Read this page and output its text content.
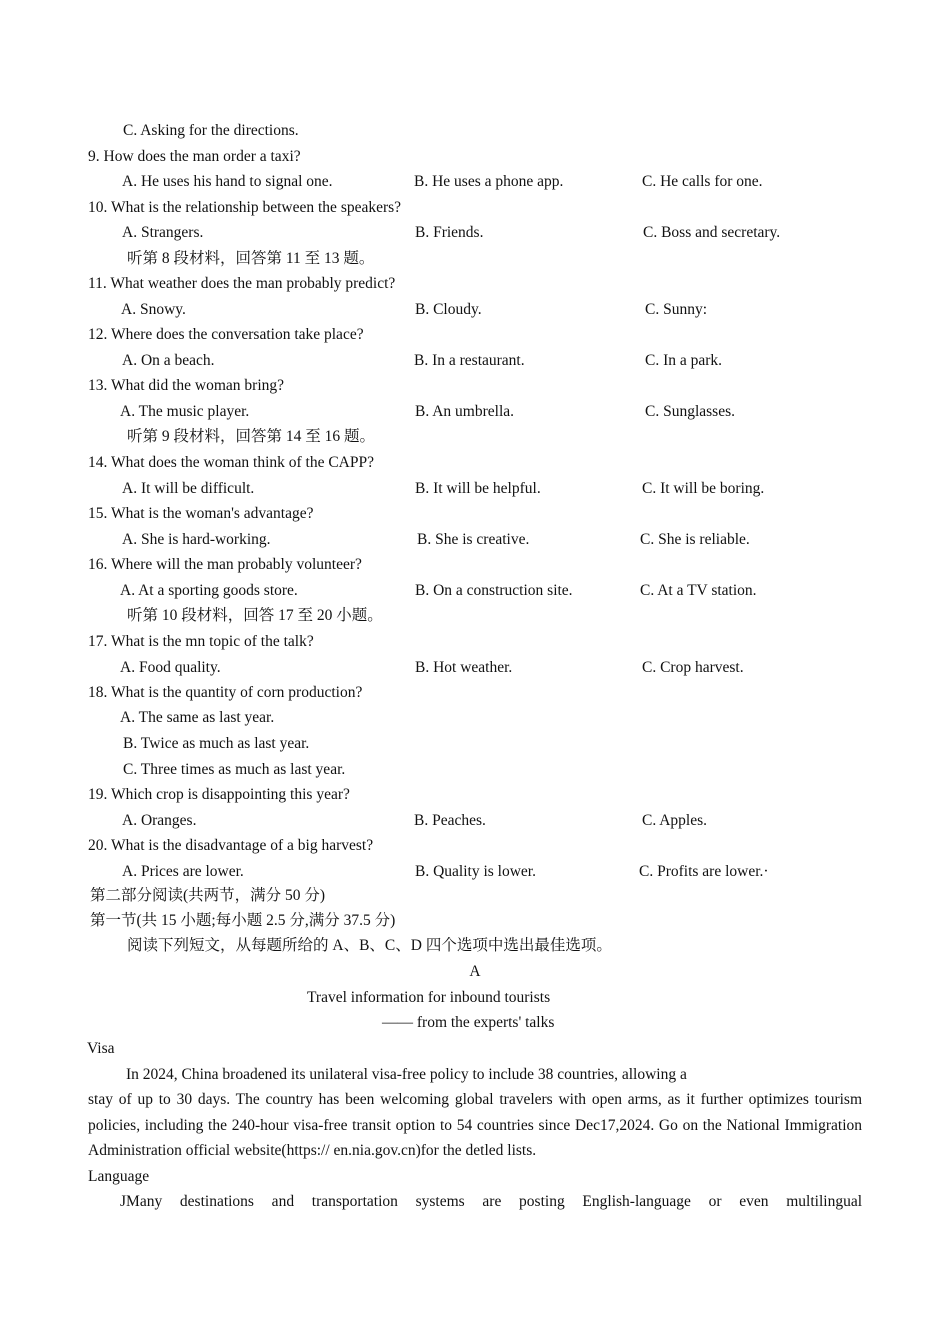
C. Asking for the directions.
9. How does the man order a taxi?
A. He uses his hand to signal one.	B. He uses a phone app.	C. He calls for one.
10. What is the relationship between the speakers?
A. Strangers.	B. Friends.	C. Boss and secretary.
听第 8 段材料，回答第 11 至 13 题。
11. What weather does the man probably predict?
A. Snowy.	B. Cloudy.	C. Sunny:
12. Where does the conversation take place?
A. On a beach.	B. In a restaurant.	C. In a park.
13. What did the woman bring?
A. The music player.	B. An umbrella.	C. Sunglasses.
听第 9 段材料，回答第 14 至 16 题。
14. What does the woman think of the CAPP?
A. It will be difficult.	B. It will be helpful.	C. It will be boring.
15. What is the woman's advantage?
A. She is hard-working.	B. She is creative.	C. She is reliable.
16. Where will the man probably volunteer?
A. At a sporting goods store.	B. On a construction site.	C. At a TV station.
听第 10 段材料，回答 17 至 20 小题。
17. What is the mn topic of the talk?
A. Food quality.	B. Hot weather.	C. Crop harvest.
18. What is the quantity of corn production?
A. The same as last year.
B. Twice as much as last year.
C. Three times as much as last year.
19. Which crop is disappointing this year?
A. Oranges.	B. Peaches.	C. Apples.
20. What is the disadvantage of a big harvest?
A. Prices are lower.	B. Quality is lower.	C. Profits are lower.·
第二部分阅读(共两节，满分 50 分)
第一节(共 15 小题;每小题 2.5 分,满分 37.5 分)
阅读下列短文，从每题所给的 A、B、C、D 四个选项中选出最佳选项。
A
Travel information for inbound tourists
—— from the experts' talks
Visa
In 2024, China broadened its unilateral visa-free policy to include 38 countries, allowing a
stay of up to 30 days. The country has been welcoming global travelers with open arms, as it further optimizes tourism policies, including the 240-hour visa-free transit option to 54 countries since Dec17,2024. Go on the National Immigration Administration official website(https:// en.nia.gov.cn)for the detled lists.
Language
JMany destinations and transportation systems are posting English-language or even multilingual
